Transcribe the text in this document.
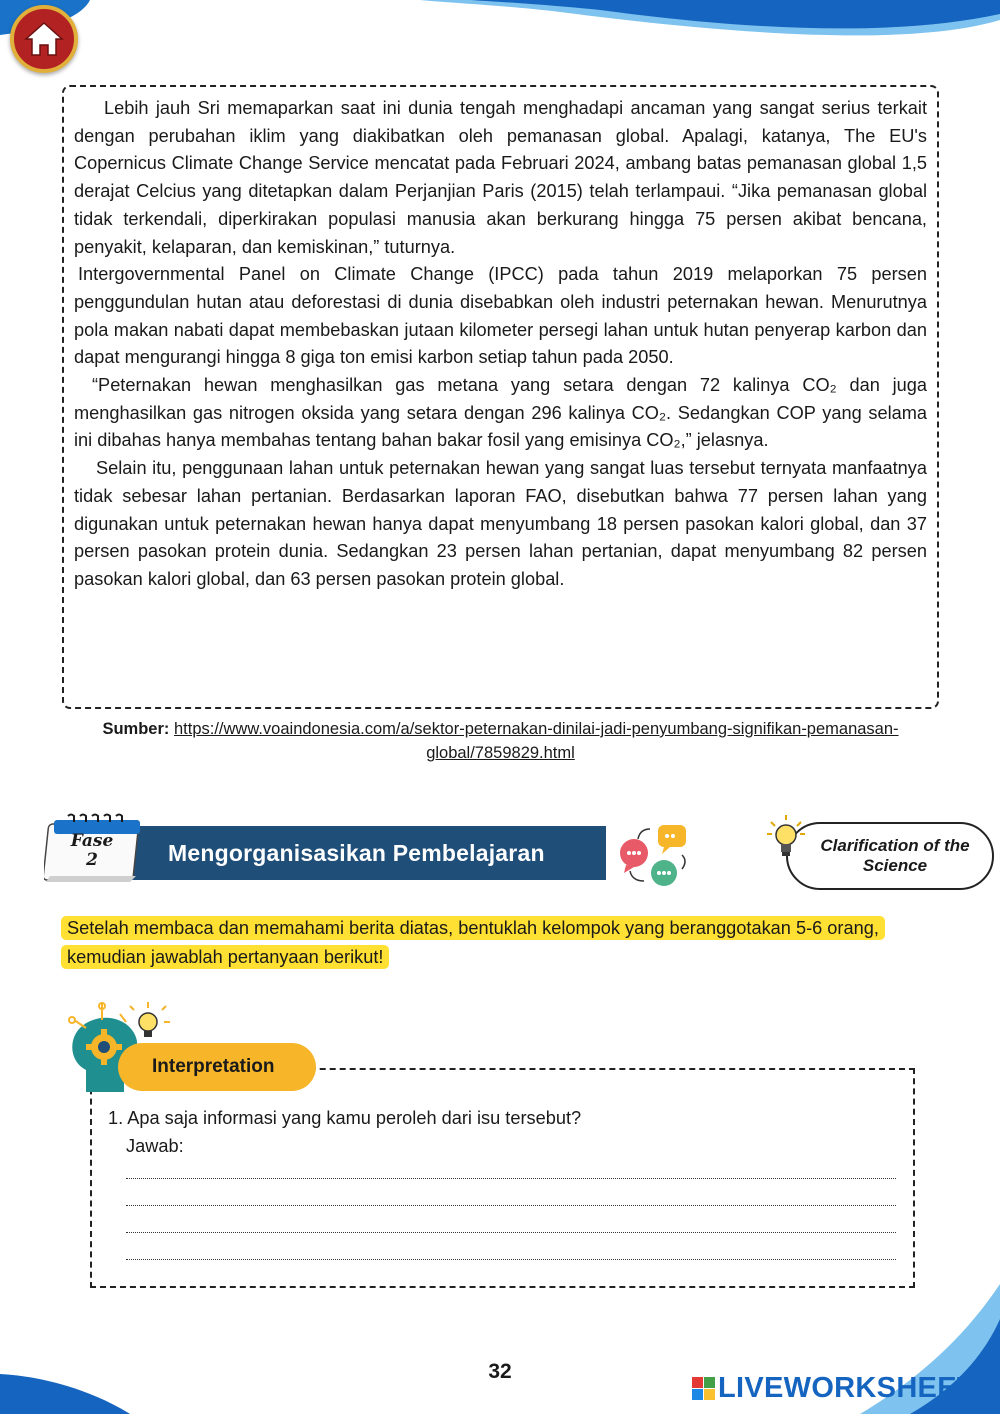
Lebih jauh Sri memaparkan saat ini dunia tengah menghadapi ancaman yang sangat serius terkait dengan perubahan iklim yang diakibatkan oleh pemanasan global. Apalagi, katanya, The EU's Copernicus Climate Change Service mencatat pada Februari 2024, ambang batas pemanasan global 1,5 derajat Celcius yang ditetapkan dalam Perjanjian Paris (2015) telah terlampaui. “Jika pemanasan global tidak terkendali, diperkirakan populasi manusia akan berkurang hingga 75 persen akibat bencana, penyakit, kelaparan, dan kemiskinan,” tuturnya.

Intergovernmental Panel on Climate Change (IPCC) pada tahun 2019 melaporkan 75 persen penggundulan hutan atau deforestasi di dunia disebabkan oleh industri peternakan hewan. Menurutnya pola makan nabati dapat membebaskan jutaan kilometer persegi lahan untuk hutan penyerap karbon dan dapat mengurangi hingga 8 giga ton emisi karbon setiap tahun pada 2050.

“Peternakan hewan menghasilkan gas metana yang setara dengan 72 kalinya CO₂ dan juga menghasilkan gas nitrogen oksida yang setara dengan 296 kalinya CO₂. Sedangkan COP yang selama ini dibahas hanya membahas tentang bahan bakar fosil yang emisinya CO₂,” jelasnya.

Selain itu, penggunaan lahan untuk peternakan hewan yang sangat luas tersebut ternyata manfaatnya tidak sebesar lahan pertanian. Berdasarkan laporan FAO, disebutkan bahwa 77 persen lahan yang digunakan untuk peternakan hewan hanya dapat menyumbang 18 persen pasokan kalori global, dan 37 persen pasokan protein dunia. Sedangkan 23 persen lahan pertanian, dapat menyumbang 82 persen pasokan kalori global, dan 63 persen pasokan protein global.

Sumber: https://www.voaindonesia.com/a/sektor-peternakan-dinilai-jadi-penyumbang-signifikan-pemanasan-global/7859829.html
Mengorganisasikan Pembelajaran
Fase
2
Clarification of the Science
Setelah membaca dan memahami berita diatas, bentuklah kelompok yang beranggotakan 5-6 orang, kemudian jawablah pertanyaan berikut!
Interpretation
1. Apa saja informasi yang kamu peroleh dari isu tersebut?
Jawab:
32
LIVEWORKSHEETS
